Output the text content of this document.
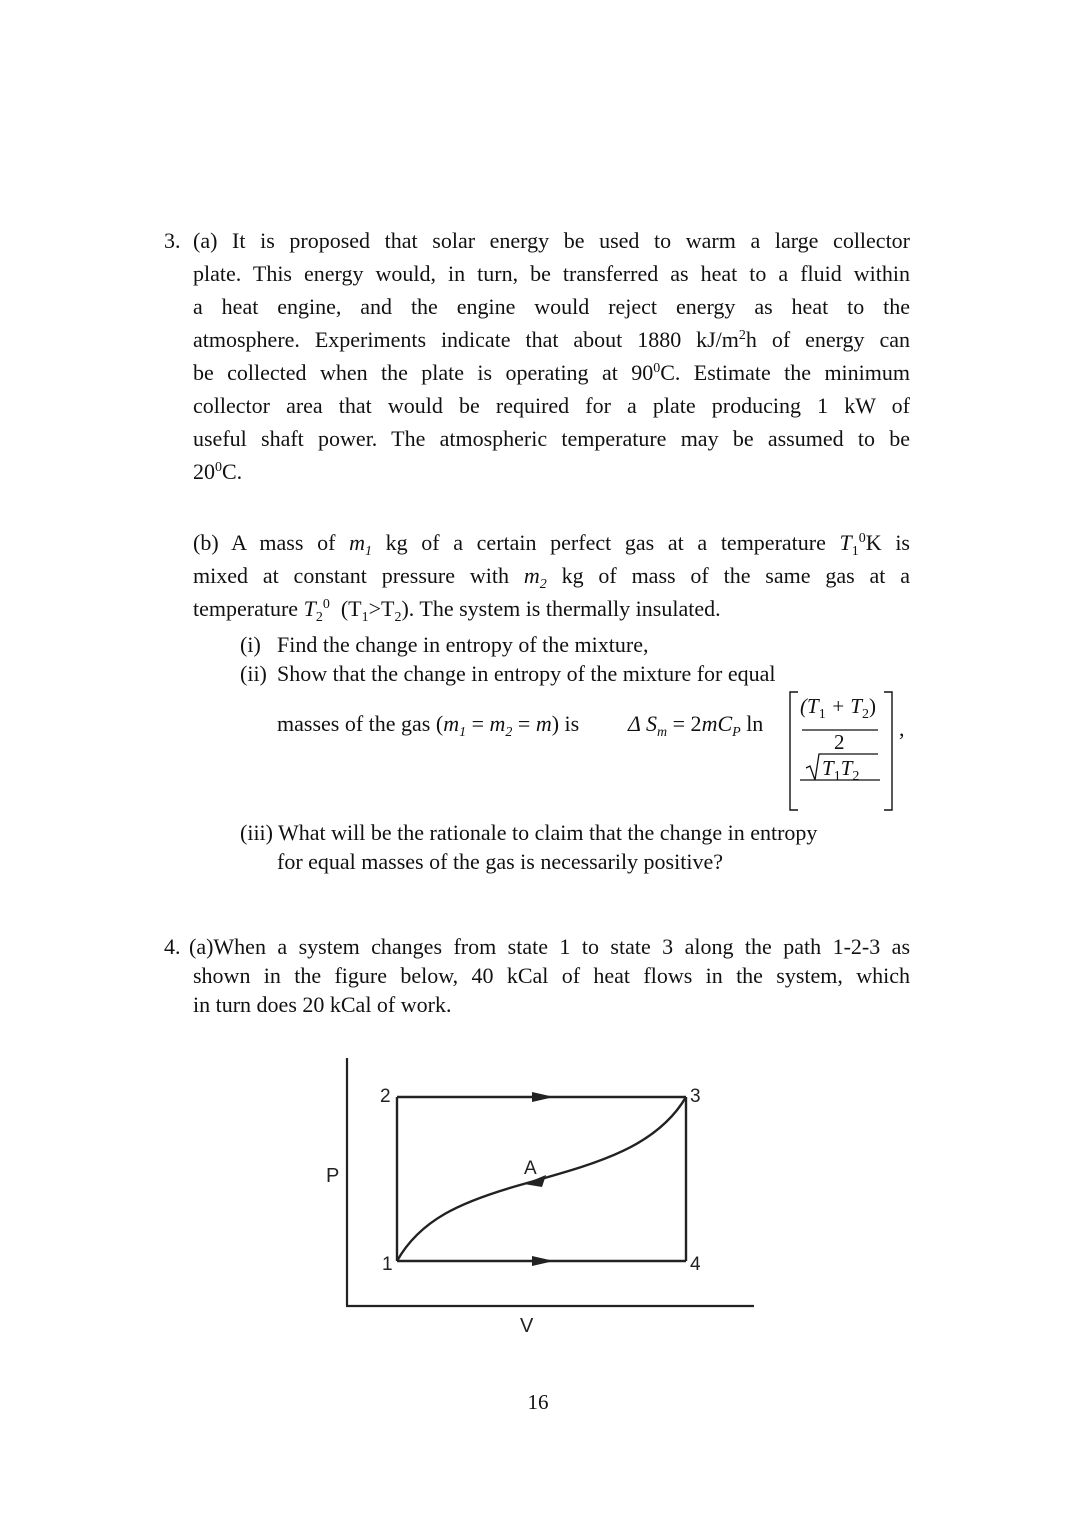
3. (a) It is proposed that solar energy be used to warm a large collector
plate. This energy would, in turn, be transferred as heat to a fluid within
a heat engine, and the engine would reject energy as heat to the
atmosphere. Experiments indicate that about 1880 $kJ/m^2h$ of energy can
be collected when the plate is operating at $90^0C$. Estimate the minimum
collector area that would be required for a plate producing 1 kW of
useful shaft power. The atmospheric temperature may be assumed to be
$20^0C$.
(b) A mass of $m_1$ kg of a certain perfect gas at a temperature $T_1^0K$ is
mixed at constant pressure with $m_2$ kg of mass of the same gas at a
temperature $T_2^0$ $(T_1>T_2)$. The system is thermally insulated.
(i) Find the change in entropy of the mixture,
(ii) Show that the change in entropy of the mixture for equal
masses of the gas $(m_1 = m_2 = m)$ is Δ $S_m = 2mC_P$ ln
$(T_1 + T_2)$
2
$T_1T_2$
,
(iii) What will be the rationale to claim that the change in entropy
for equal masses of the gas is necessarily positive?
4. (a)When a system changes from state 1 to state 3 along the path 1-2-3 as
shown in the figure below, 40 kCal of heat flows in the system, which
in turn does 20 kCal of work.
P
V
2	3
1	4
A
16
